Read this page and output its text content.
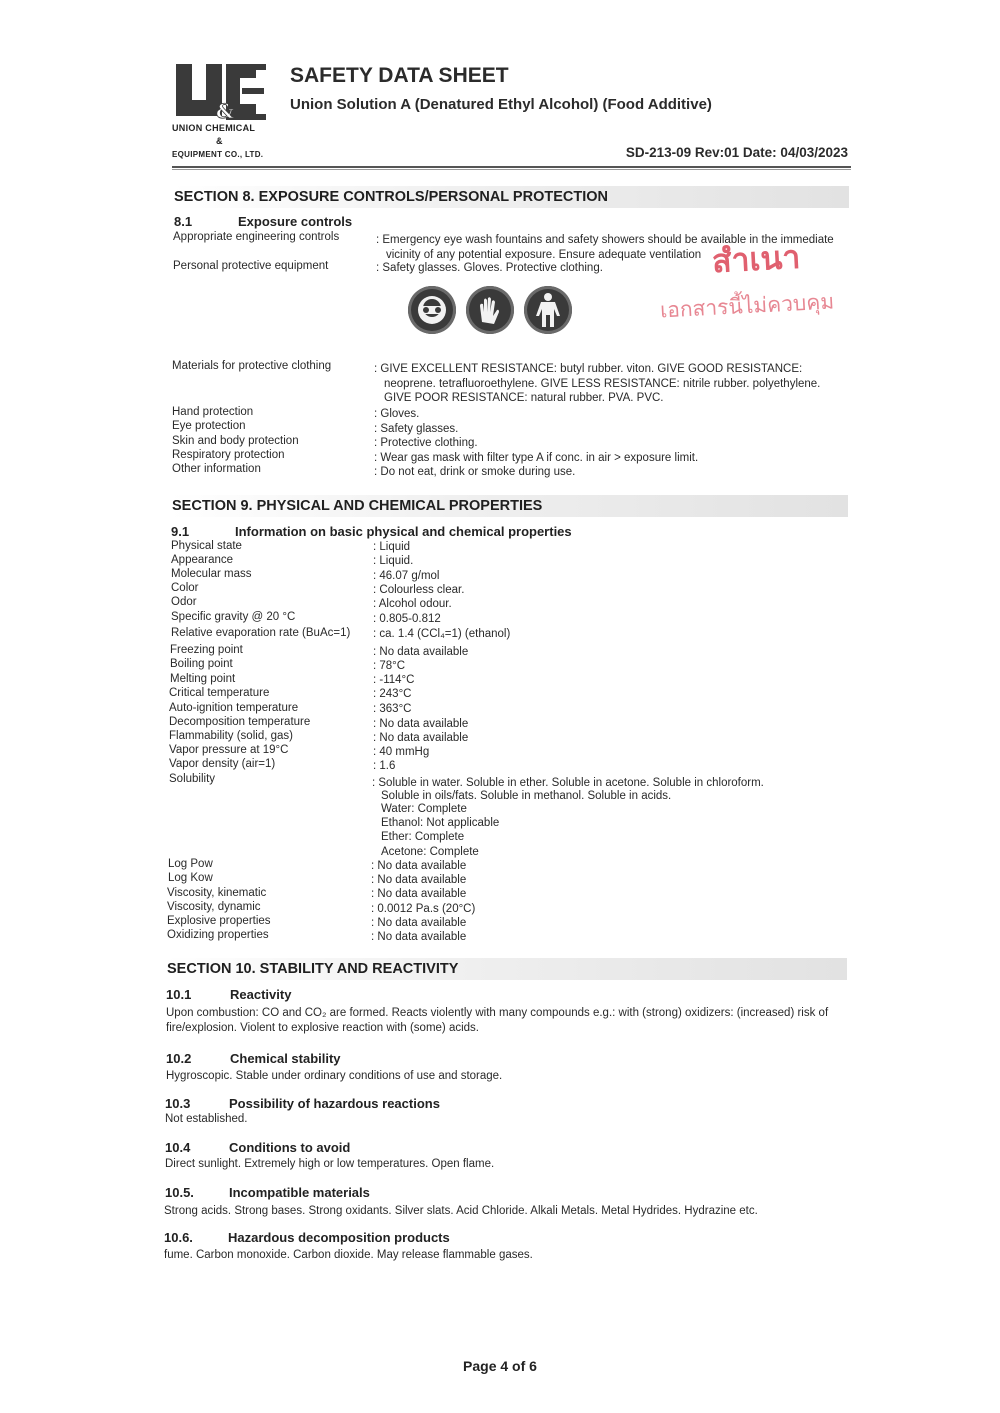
&
UNION CHEMICAL
&
EQUIPMENT CO., LTD.
SAFETY DATA SHEET
Union Solution A (Denatured Ethyl Alcohol) (Food Additive)
SD-213-09 Rev:01 Date: 04/03/2023
SECTION 8. EXPOSURE CONTROLS/PERSONAL PROTECTION
8.1	Exposure controls
Appropriate engineering controls	: Emergency eye wash fountains and safety showers should be available in the immediate
vicinity of any potential exposure. Ensure adequate ventilation
Personal protective equipment	: Safety glasses. Gloves. Protective clothing.	สำเนา
เอกสารนี้ไม่ควบคุม
Materials for protective clothing	: GIVE EXCELLENT RESISTANCE: butyl rubber. viton. GIVE GOOD RESISTANCE:
neoprene. tetrafluoroethylene. GIVE LESS RESISTANCE: nitrile rubber. polyethylene.
GIVE POOR RESISTANCE: natural rubber. PVA. PVC.
Hand protection	: Gloves.
Eye protection	: Safety glasses.
Skin and body protection	: Protective clothing.
Respiratory protection	: Wear gas mask with filter type A if conc. in air > exposure limit.
Other information	: Do not eat, drink or smoke during use.
SECTION 9. PHYSICAL AND CHEMICAL PROPERTIES
9.1	Information on basic physical and chemical properties
Physical state	: Liquid
Appearance	: Liquid.
Molecular mass	: 46.07 g/mol
Color	: Colourless clear.
Odor	: Alcohol odour.
Specific gravity @ 20 °C	: 0.805-0.812
Relative evaporation rate (BuAc=1) : ca. 1.4 (CCl₄=1) (ethanol)
Freezing point	: No data available
Boiling point	: 78°C
Melting point	: -114°C
Critical temperature	: 243°C
Auto-ignition temperature	: 363°C
Decomposition temperature	: No data available
Flammability (solid, gas)	: No data available
Vapor pressure at 19°C	: 40 mmHg
Vapor density (air=1)	: 1.6
Solubility	: Soluble in water. Soluble in ether. Soluble in acetone. Soluble in chloroform.
Soluble in oils/fats. Soluble in methanol. Soluble in acids.
Water: Complete
Ethanol: Not applicable
Ether: Complete
Acetone: Complete
Log Pow	: No data available
Log Kow	: No data available
Viscosity, kinematic	: No data available
Viscosity, dynamic	: 0.0012 Pa.s (20°C)
Explosive properties	: No data available
Oxidizing properties	: No data available
SECTION 10. STABILITY AND REACTIVITY
10.1	Reactivity
Upon combustion: CO and CO₂ are formed. Reacts violently with many compounds e.g.: with (strong) oxidizers: (increased) risk of
fire/explosion. Violent to explosive reaction with (some) acids.
10.2	Chemical stability
Hygroscopic. Stable under ordinary conditions of use and storage.
10.3	Possibility of hazardous reactions
Not established.
10.4	Conditions to avoid
Direct sunlight. Extremely high or low temperatures. Open flame.
10.5.	Incompatible materials
Strong acids. Strong bases. Strong oxidants. Silver slats. Acid Chloride. Alkali Metals. Metal Hydrides. Hydrazine etc.
10.6.	Hazardous decomposition products
fume. Carbon monoxide. Carbon dioxide. May release flammable gases.
Page 4 of 6
